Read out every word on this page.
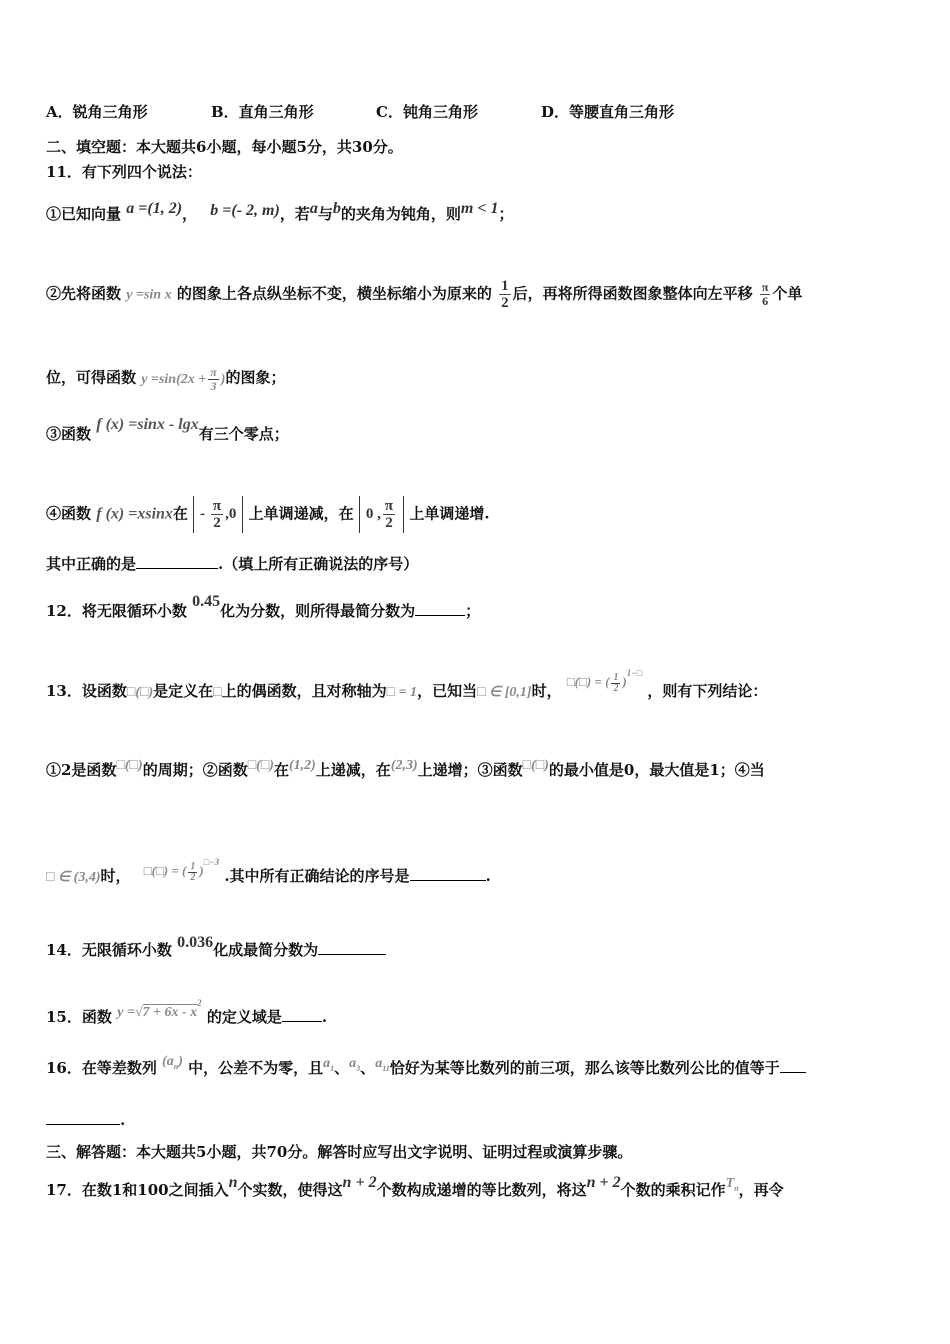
A．锐角三角形	B．直角三角形	C．钝角三角形	D．等腰直角三角形
二、填空题：本大题共6小题，每小题5分，共30分。
11．有下列四个说法：
①已知向量 a =(1, 2)， b =(- 2, m)，若a与b的夹角为钝角，则m < 1；
②先将函数 y =sin x 的图象上各点纵坐标不变，横坐标缩小为原来的 $\frac{1}{2}$ 后，再将所得函数图象整体向左平移 $\frac{\pi}{6}$ 个单
位，可得函数 $y =\sin(2x + \frac{\pi}{3}$ )的图象；
③函数 f (x) =sinx - lgx有三个零点；
④函数 f (x) =xsinx在 - $\frac{\pi}{2} ,0$ 上单调递减，在 0 , $\frac{\pi}{2}$ 上单调递增.
其中正确的是	.（填上所有正确说法的序号）
12．将无限循环小数 0.45化为分数，则所得最简分数为	；
13．设函数□(□)是定义在□上的偶函数，且对称轴为□ = 1，已知当□ ∈ [0,1]时， □(□) = ( $\frac{1}{2} )^{1-□}$ ，则有下列结论：
①2是函数□(□)的周期；②函数□(□)在(1,2)上递减，在(2,3)上递增；③函数□(□)的最小值是0，最大值是1；④当
□ ∈ (3,4)时， □(□) = ( $\frac{1}{2} )^{□-3}$ .其中所有正确结论的序号是	.
14．无限循环小数 0.036化成最简分数为
15．函数 $y =√7 + 6x - x^2$ 的定义域是	.
16．在等差数列 $(a_n)$ 中，公差不为零，且$a_1$、$a_3$、$a_{11}$恰好为某等比数列的前三项，那么该等比数列公比的值等于
.
三、解答题：本大题共5小题，共70分。解答时应写出文字说明、证明过程或演算步骤。
17．在数1和100之间插入n个实数，使得这n + 2个数构成递增的等比数列，将这n + 2个数的乘积记作$T_n$，再令
